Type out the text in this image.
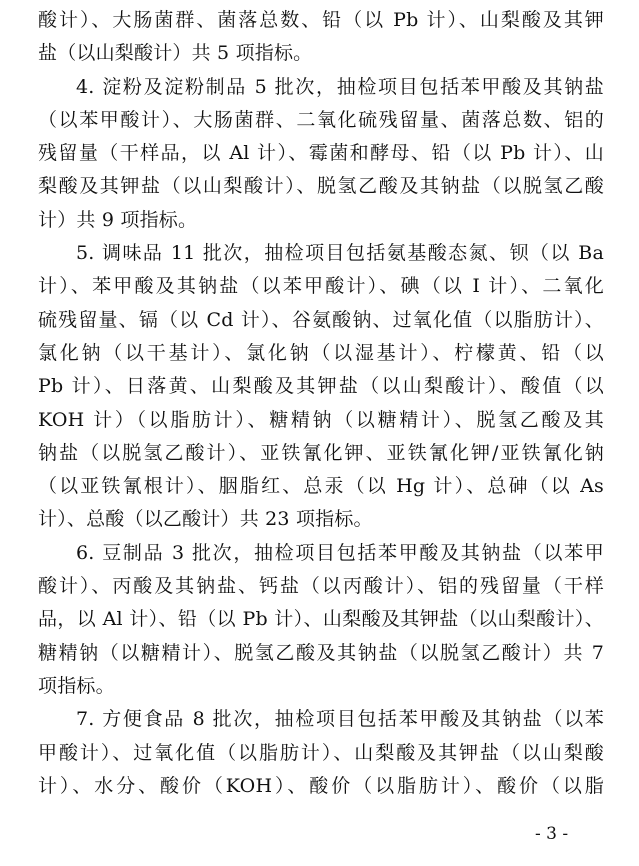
酸计）、大肠菌群、菌落总数、铅（以 Pb 计）、山梨酸及其钾
盐（以山梨酸计）共 5 项指标。
4. 淀粉及淀粉制品 5 批次，抽检项目包括苯甲酸及其钠盐
（以苯甲酸计）、大肠菌群、二氧化硫残留量、菌落总数、铝的
残留量（干样品，以 Al 计）、霉菌和酵母、铅（以 Pb 计）、山
梨酸及其钾盐（以山梨酸计）、脱氢乙酸及其钠盐（以脱氢乙酸
计）共 9 项指标。
5. 调味品 11 批次，抽检项目包括氨基酸态氮、钡（以 Ba
计）、苯甲酸及其钠盐（以苯甲酸计）、碘（以 I 计）、二氧化
硫残留量、镉（以 Cd 计）、谷氨酸钠、过氧化值（以脂肪计）、
氯化钠（以干基计）、氯化钠（以湿基计）、柠檬黄、铅（以
Pb 计）、日落黄、山梨酸及其钾盐（以山梨酸计）、酸值（以
KOH 计）（以脂肪计）、糖精钠（以糖精计）、脱氢乙酸及其
钠盐（以脱氢乙酸计）、亚铁氰化钾、亚铁氰化钾/亚铁氰化钠
（以亚铁氰根计）、胭脂红、总汞（以 Hg 计）、总砷（以 As
计）、总酸（以乙酸计）共 23 项指标。
6. 豆制品 3 批次，抽检项目包括苯甲酸及其钠盐（以苯甲
酸计）、丙酸及其钠盐、钙盐（以丙酸计）、铝的残留量（干样
品，以 Al 计）、铅（以 Pb 计）、山梨酸及其钾盐（以山梨酸计）、
糖精钠（以糖精计）、脱氢乙酸及其钠盐（以脱氢乙酸计）共 7
项指标。
7. 方便食品 8 批次，抽检项目包括苯甲酸及其钠盐（以苯
甲酸计）、过氧化值（以脂肪计）、山梨酸及其钾盐（以山梨酸
计）、水分、酸价（KOH）、酸价（以脂肪计）、酸价（以脂
- 3 -
